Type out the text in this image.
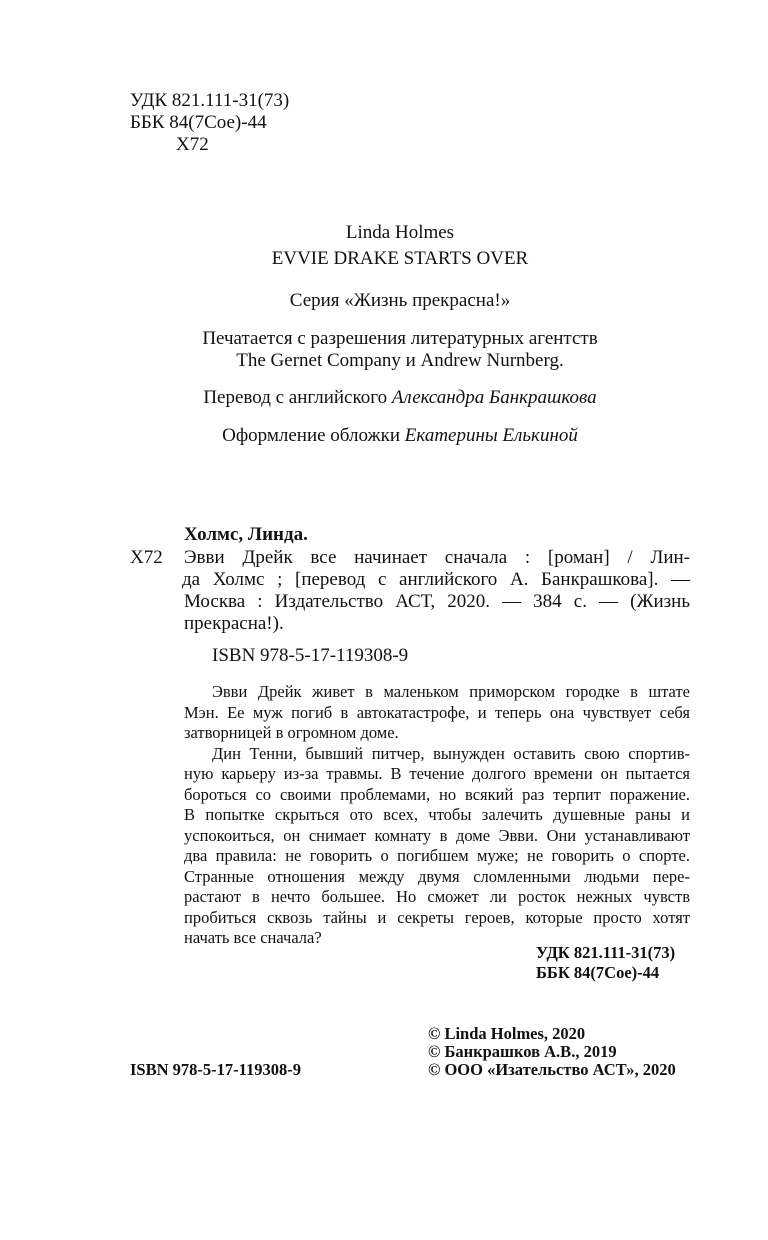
УДК 821.111-31(73)
ББК 84(7Сое)-44
Х72
Linda Holmes
EVVIE DRAKE STARTS OVER
Серия «Жизнь прекрасна!»
Печатается с разрешения литературных агентств
The Gernet Company и Andrew Nurnberg.
Перевод с английского Александра Банкрашкова
Оформление обложки Екатерины Елькиной
Холмс, Линда.
Х72 Эвви Дрейк все начинает сначала : [роман] / Лин-
да Холмс ; [перевод с английского А. Банкрашкова]. —
Москва : Издательство АСТ, 2020. — 384 с. — (Жизнь
прекрасна!).
ISBN 978-5-17-119308-9
Эвви Дрейк живет в маленьком приморском городке в штате
Мэн. Ее муж погиб в автокатастрофе, и теперь она чувствует себя
затворницей в огромном доме.
Дин Тенни, бывший питчер, вынужден оставить свою спортив-
ную карьеру из-за травмы. В течение долгого времени он пытается
бороться со своими проблемами, но всякий раз терпит поражение.
В попытке скрыться ото всех, чтобы залечить душевные раны и
успокоиться, он снимает комнату в доме Эвви. Они устанавливают
два правила: не говорить о погибшем муже; не говорить о спорте.
Странные отношения между двумя сломленными людьми пере-
растают в нечто большее. Но сможет ли росток нежных чувств
пробиться сквозь тайны и секреты героев, которые просто хотят
начать все сначала?
УДК 821.111-31(73)
ББК 84(7Сое)-44
ISBN 978-5-17-119308-9
© Linda Holmes, 2020
© Банкрашков А.В., 2019
© ООО «Изательство АСТ», 2020
